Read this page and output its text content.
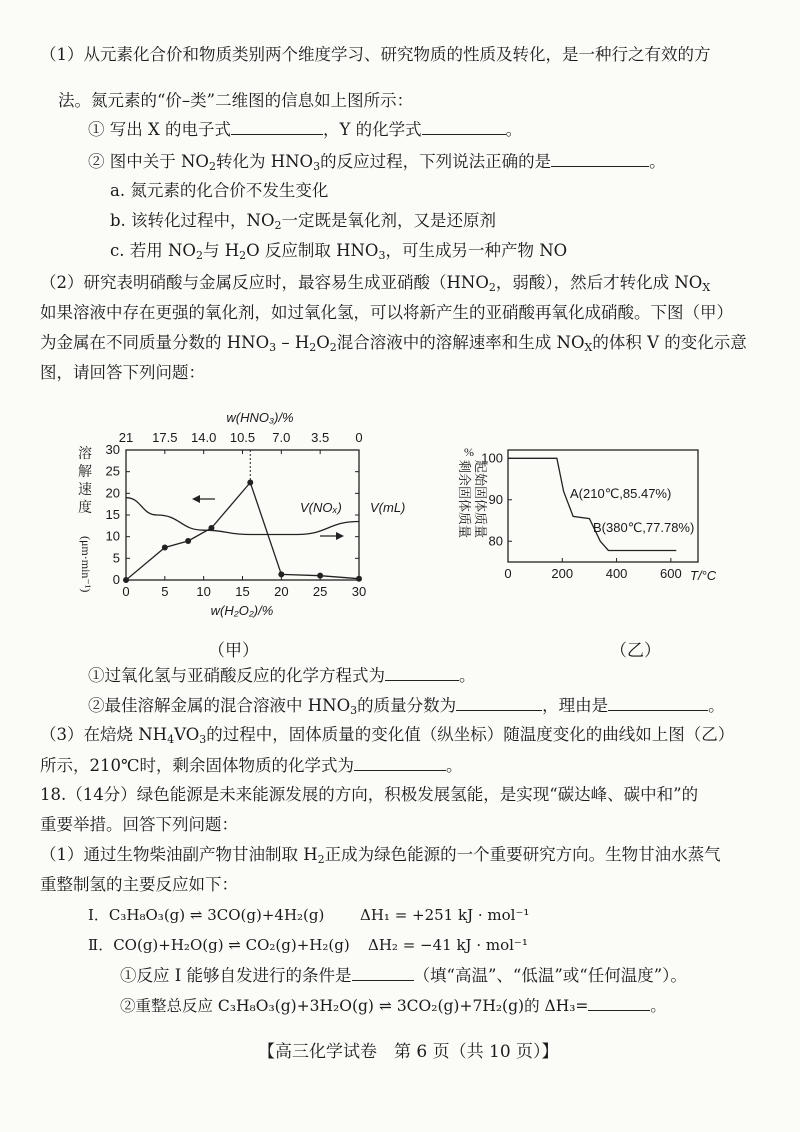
（1）从元素化合价和物质类别两个维度学习、研究物质的性质及转化，是一种行之有效的方
法。氮元素的“价–类”二维图的信息如上图所示：
① 写出 X 的电子式	，Y 的化学式	。
② 图中关于 $NO_2$转化为 $HNO_3$的反应过程，下列说法正确的是	。
a. 氮元素的化合价不发生变化
b. 该转化过程中，$NO_2$一定既是氧化剂，又是还原剂
c. 若用 $NO_2$与 $H_2O$ 反应制取 $HNO_3$，可生成另一种产物 NO
（2）研究表明硝酸与金属反应时，最容易生成亚硝酸（$HNO_2$，弱酸），然后才转化成 $NO_X$
如果溶液中存在更强的氧化剂，如过氧化氢，可以将新产生的亚硝酸再氧化成硝酸。下图（甲）
为金属在不同质量分数的 $HNO_3 - H_2O_2$混合溶液中的溶解速率和生成 $NO_X$的体积 V 的变化示意
图，请回答下列问题：
w(HNO₃)/%
21 17.5 14.0 10.5 7.0 3.5 0
0 5 10 15 20 25 30
0
5
10
15
20
25
30
V(NOₓ) V(mL)
溶解速度
(μm·min⁻¹)
w(H₂O₂)/%
（甲）
0	200	400	600
80
90
100
A(210℃,85.47%)
B(380℃,77.78%)
T/°C
剩余固体质量 起始固体质量
%
（乙）
①过氧化氢与亚硝酸反应的化学方程式为	。
②最佳溶解金属的混合溶液中 $HNO_3$的质量分数为	，理由是	。
（3）在焙烧 $NH_4VO_3$的过程中，固体质量的变化值（纵坐标）随温度变化的曲线如上图（乙）
所示，210℃时，剩余固体物质的化学式为	。
18.（14分）绿色能源是未来能源发展的方向，积极发展氢能，是实现“碳达峰、碳中和”的
重要举措。回答下列问题：
（1）通过生物柴油副产物甘油制取 $H_2$正成为绿色能源的一个重要研究方向。生物甘油水蒸气
重整制氢的主要反应如下：
Ⅰ．C₃H₈O₃(g) ⇌ 3CO(g)+4H₂(g) ΔH₁ = +251 kJ · mol⁻¹
Ⅱ．CO(g)+H₂O(g) ⇌ CO₂(g)+H₂(g) ΔH₂ = −41 kJ · mol⁻¹
①反应 I 能够自发进行的条件是	（填“高温”、“低温”或“任何温度”）。
②重整总反应 C₃H₈O₃(g)+3H₂O(g) ⇌ 3CO₂(g)+7H₂(g)的 ΔH₃=	。
【高三化学试卷　第 6 页（共 10 页）】
